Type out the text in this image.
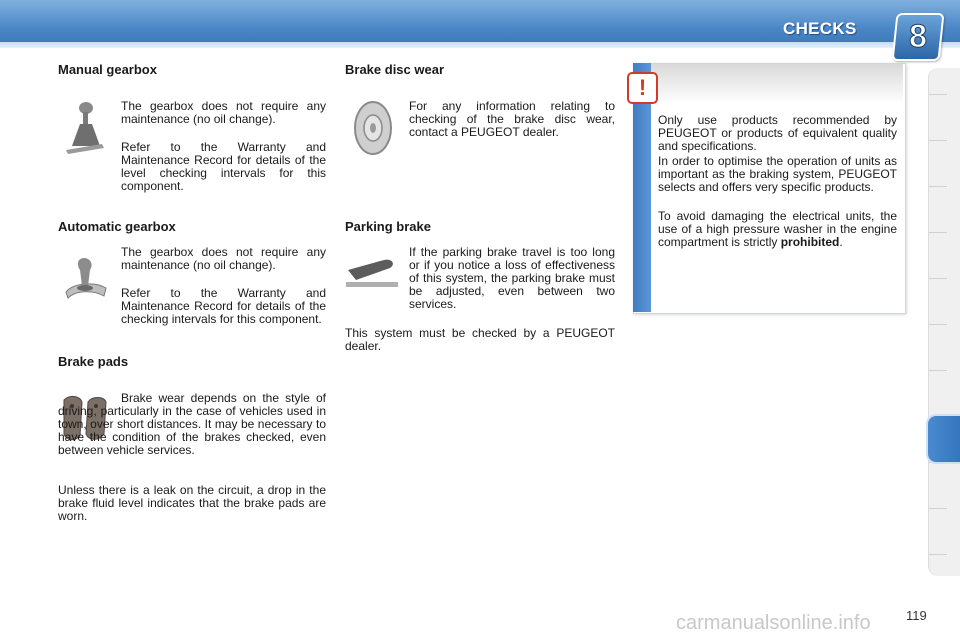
CHECKS	8
Manual gearbox

The gearbox does not require any maintenance (no oil change).

Refer to the Warranty and Maintenance Record for details of the level checking intervals for this component.

Automatic gearbox

The gearbox does not require any maintenance (no oil change).

Refer to the Warranty and Maintenance Record for details of the checking intervals for this component.

Brake pads

Brake wear depends on the style of driving, particularly in the case of vehicles used in town, over short distances. It may be necessary to have the condition of the brakes checked, even between vehicle services.

Unless there is a leak on the circuit, a drop in the brake fluid level indicates that the brake pads are worn.

Brake disc wear

For any information relating to checking of the brake disc wear, contact a PEUGEOT dealer.

Parking brake

If the parking brake travel is too long or if you notice a loss of effectiveness of this system, the parking brake must be adjusted, even between two services.

This system must be checked by a PEUGEOT dealer.

!

Only use products recommended by PEUGEOT or products of equivalent quality and specifications.

In order to optimise the operation of units as important as the braking system, PEUGEOT selects and offers very specific products.

To avoid damaging the electrical units, the use of a high pressure washer in the engine compartment is strictly prohibited.

carmanualsonline.info	119
